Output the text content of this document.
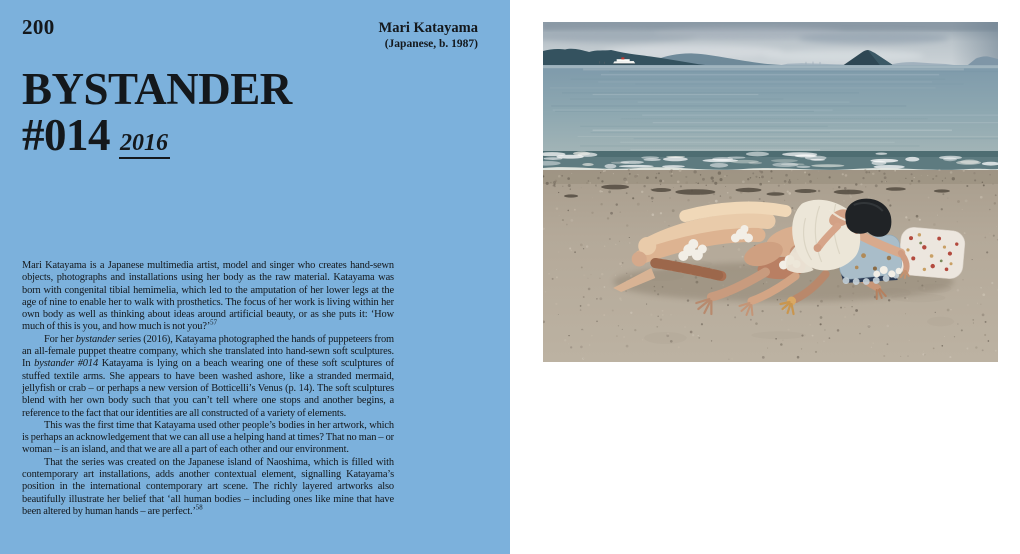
200	Mari Katayama
(Japanese, b. 1987)
BYSTANDER
#014 2016

Mari Katayama is a Japanese multimedia artist, model and singer who creates hand-sewn objects, photographs and installations using her body as the raw material. Katayama was born with congenital tibial hemimelia, which led to the amputation of her lower legs at the age of nine to enable her to walk with prosthetics. The focus of her work is living within her own body as well as thinking about ideas around artificial beauty, or as she puts it: ‘How much of this is you, and how much is not you?’$^{57}$

For her bystander series (2016), Katayama photographed the hands of puppeteers from an all-female puppet theatre company, which she translated into hand-sewn soft sculptures. In bystander #014 Katayama is lying on a beach wearing one of these soft sculptures of stuffed textile arms. She appears to have been washed ashore, like a stranded mermaid, jellyfish or crab – or perhaps a new version of Botticelli’s Venus (p. 14). The soft sculptures blend with her own body such that you can’t tell where one stops and another begins, a reference to the fact that our identities are all constructed of a variety of elements.

This was the first time that Katayama used other people’s bodies in her artwork, which is perhaps an acknowledgement that we can all use a helping hand at times? That no man – or woman – is an island, and that we are all a part of each other and our environment.

That the series was created on the Japanese island of Naoshima, which is filled with contemporary art installations, adds another contextual element, signalling Katayama’s position in the international contemporary art scene. The richly layered artworks also beautifully illustrate her belief that ‘all human bodies – including ones like mine that have been altered by human hands – are perfect.’$^{58}$
